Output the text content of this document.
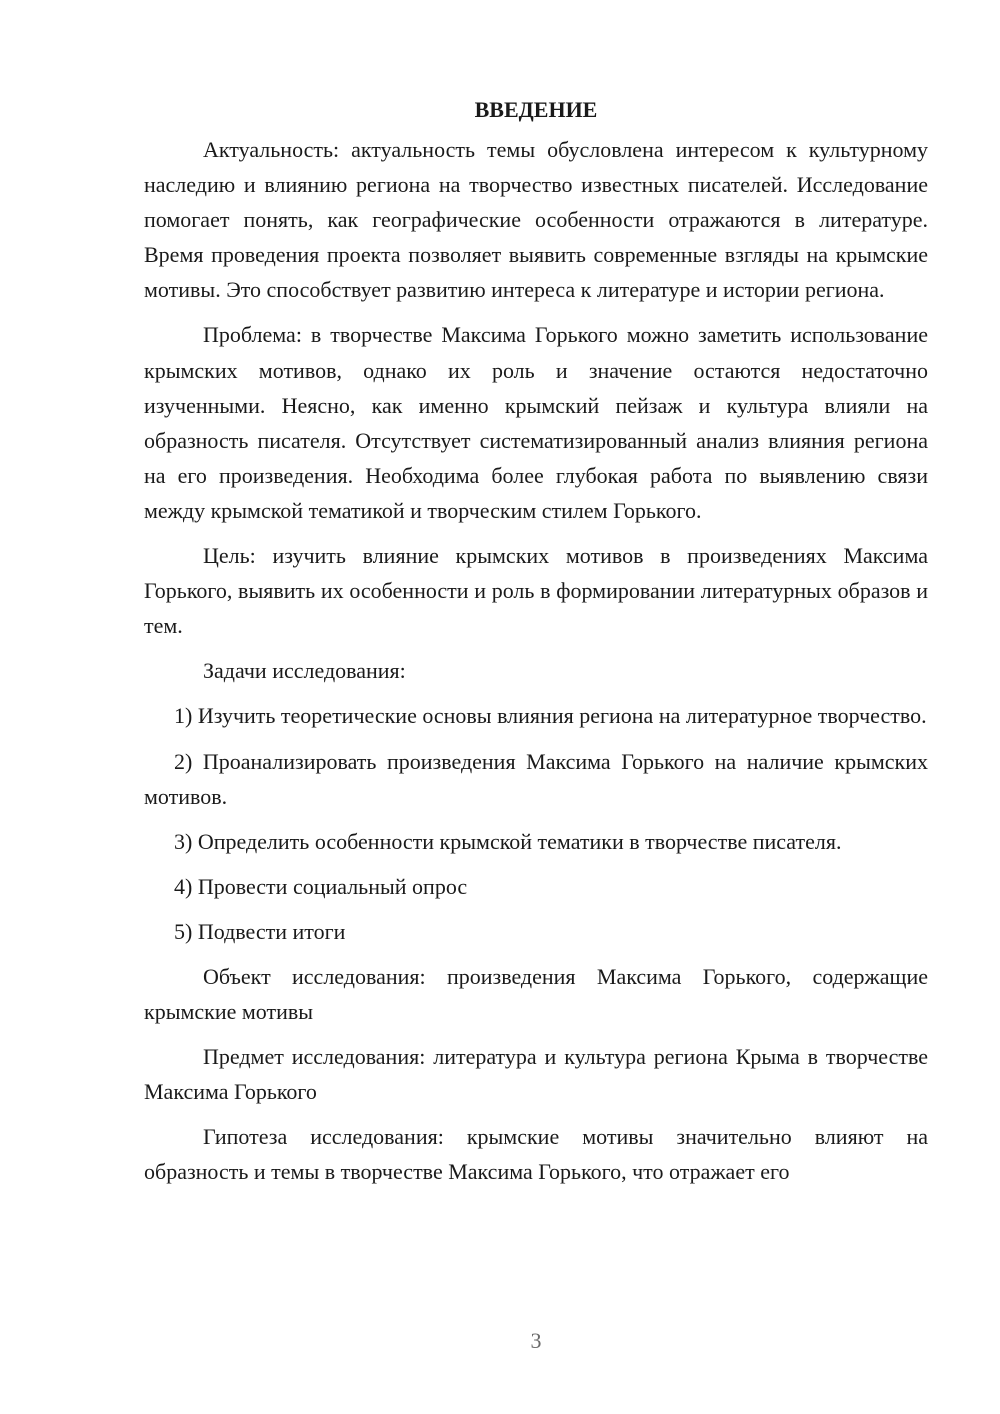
ВВЕДЕНИЕ

Актуальность: актуальность темы обусловлена интересом к культурному наследию и влиянию региона на творчество известных писателей. Исследование помогает понять, как географические особенности отражаются в литературе. Время проведения проекта позволяет выявить современные взгляды на крымские мотивы. Это способствует развитию интереса к литературе и истории региона.

Проблема: в творчестве Максима Горького можно заметить использование крымских мотивов, однако их роль и значение остаются недостаточно изученными. Неясно, как именно крымский пейзаж и культура влияли на образность писателя. Отсутствует систематизированный анализ влияния региона на его произведения. Необходима более глубокая работа по выявлению связи между крымской тематикой и творческим стилем Горького.

Цель: изучить влияние крымских мотивов в произведениях Максима Горького, выявить их особенности и роль в формировании литературных образов и тем.

Задачи исследования:

1) Изучить теоретические основы влияния региона на литературное творчество.

2) Проанализировать произведения Максима Горького на наличие крымских мотивов.

3) Определить особенности крымской тематики в творчестве писателя.

4) Провести социальный опрос

5) Подвести итоги

Объект исследования: произведения Максима Горького, содержащие крымские мотивы

Предмет исследования: литература и культура региона Крыма в творчестве Максима Горького

Гипотеза исследования: крымские мотивы значительно влияют на образность и темы в творчестве Максима Горького, что отражает его

3
